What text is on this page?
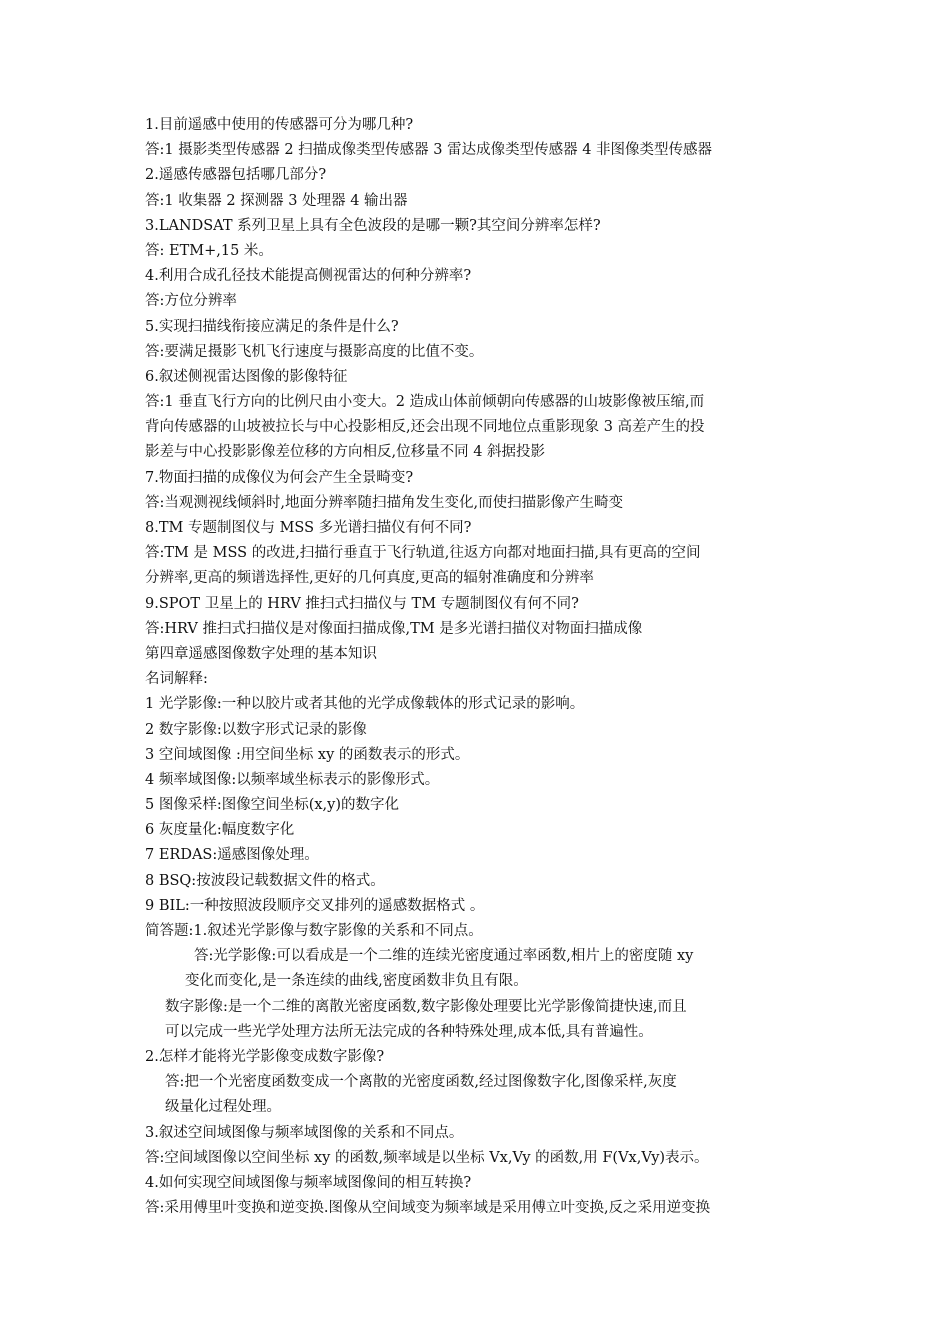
1.目前遥感中使用的传感器可分为哪几种?
答:1 摄影类型传感器 2 扫描成像类型传感器 3 雷达成像类型传感器 4 非图像类型传感器
2.遥感传感器包括哪几部分?
答:1 收集器 2 探测器 3 处理器 4 输出器
3.LANDSAT 系列卫星上具有全色波段的是哪一颗?其空间分辨率怎样?
答: ETM+,15 米。
4.利用合成孔径技术能提高侧视雷达的何种分辨率?
答:方位分辨率
5.实现扫描线衔接应满足的条件是什么?
答:要满足摄影飞机飞行速度与摄影高度的比值不变。
6.叙述侧视雷达图像的影像特征
答:1 垂直飞行方向的比例尺由小变大。2 造成山体前倾朝向传感器的山坡影像被压缩,而
背向传感器的山坡被拉长与中心投影相反,还会出现不同地位点重影现象 3 高差产生的投
影差与中心投影影像差位移的方向相反,位移量不同 4 斜据投影
7.物面扫描的成像仪为何会产生全景畸变?
答:当观测视线倾斜时,地面分辨率随扫描角发生变化,而使扫描影像产生畸变
8.TM 专题制图仪与 MSS 多光谱扫描仪有何不同?
答:TM 是 MSS 的改进,扫描行垂直于飞行轨道,往返方向都对地面扫描,具有更高的空间
分辨率,更高的频谱选择性,更好的几何真度,更高的辐射准确度和分辨率
9.SPOT 卫星上的 HRV 推扫式扫描仪与 TM 专题制图仪有何不同?
答:HRV 推扫式扫描仪是对像面扫描成像,TM 是多光谱扫描仪对物面扫描成像
第四章遥感图像数字处理的基本知识
名词解释:
1 光学影像:一种以胶片或者其他的光学成像载体的形式记录的影响。
2 数字影像:以数字形式记录的影像
3 空间域图像 :用空间坐标 xy 的函数表示的形式。
4 频率域图像:以频率域坐标表示的影像形式。
5 图像采样:图像空间坐标(x,y)的数字化
6 灰度量化:幅度数字化
7 ERDAS:遥感图像处理。
8 BSQ:按波段记载数据文件的格式。
9 BIL:一种按照波段顺序交叉排列的遥感数据格式 。
简答题:1.叙述光学影像与数字影像的关系和不同点。
答:光学影像:可以看成是一个二维的连续光密度通过率函数,相片上的密度随 xy
变化而变化,是一条连续的曲线,密度函数非负且有限。
数字影像:是一个二维的离散光密度函数,数字影像处理要比光学影像简捷快速,而且
可以完成一些光学处理方法所无法完成的各种特殊处理,成本低,具有普遍性。
2.怎样才能将光学影像变成数字影像?
答:把一个光密度函数变成一个离散的光密度函数,经过图像数字化,图像采样,灰度
级量化过程处理。
3.叙述空间域图像与频率域图像的关系和不同点。
答:空间域图像以空间坐标 xy 的函数,频率域是以坐标 Vx,Vy 的函数,用 F(Vx,Vy)表示。
4.如何实现空间域图像与频率域图像间的相互转换?
答:采用傅里叶变换和逆变换.图像从空间域变为频率域是采用傅立叶变换,反之采用逆变换
